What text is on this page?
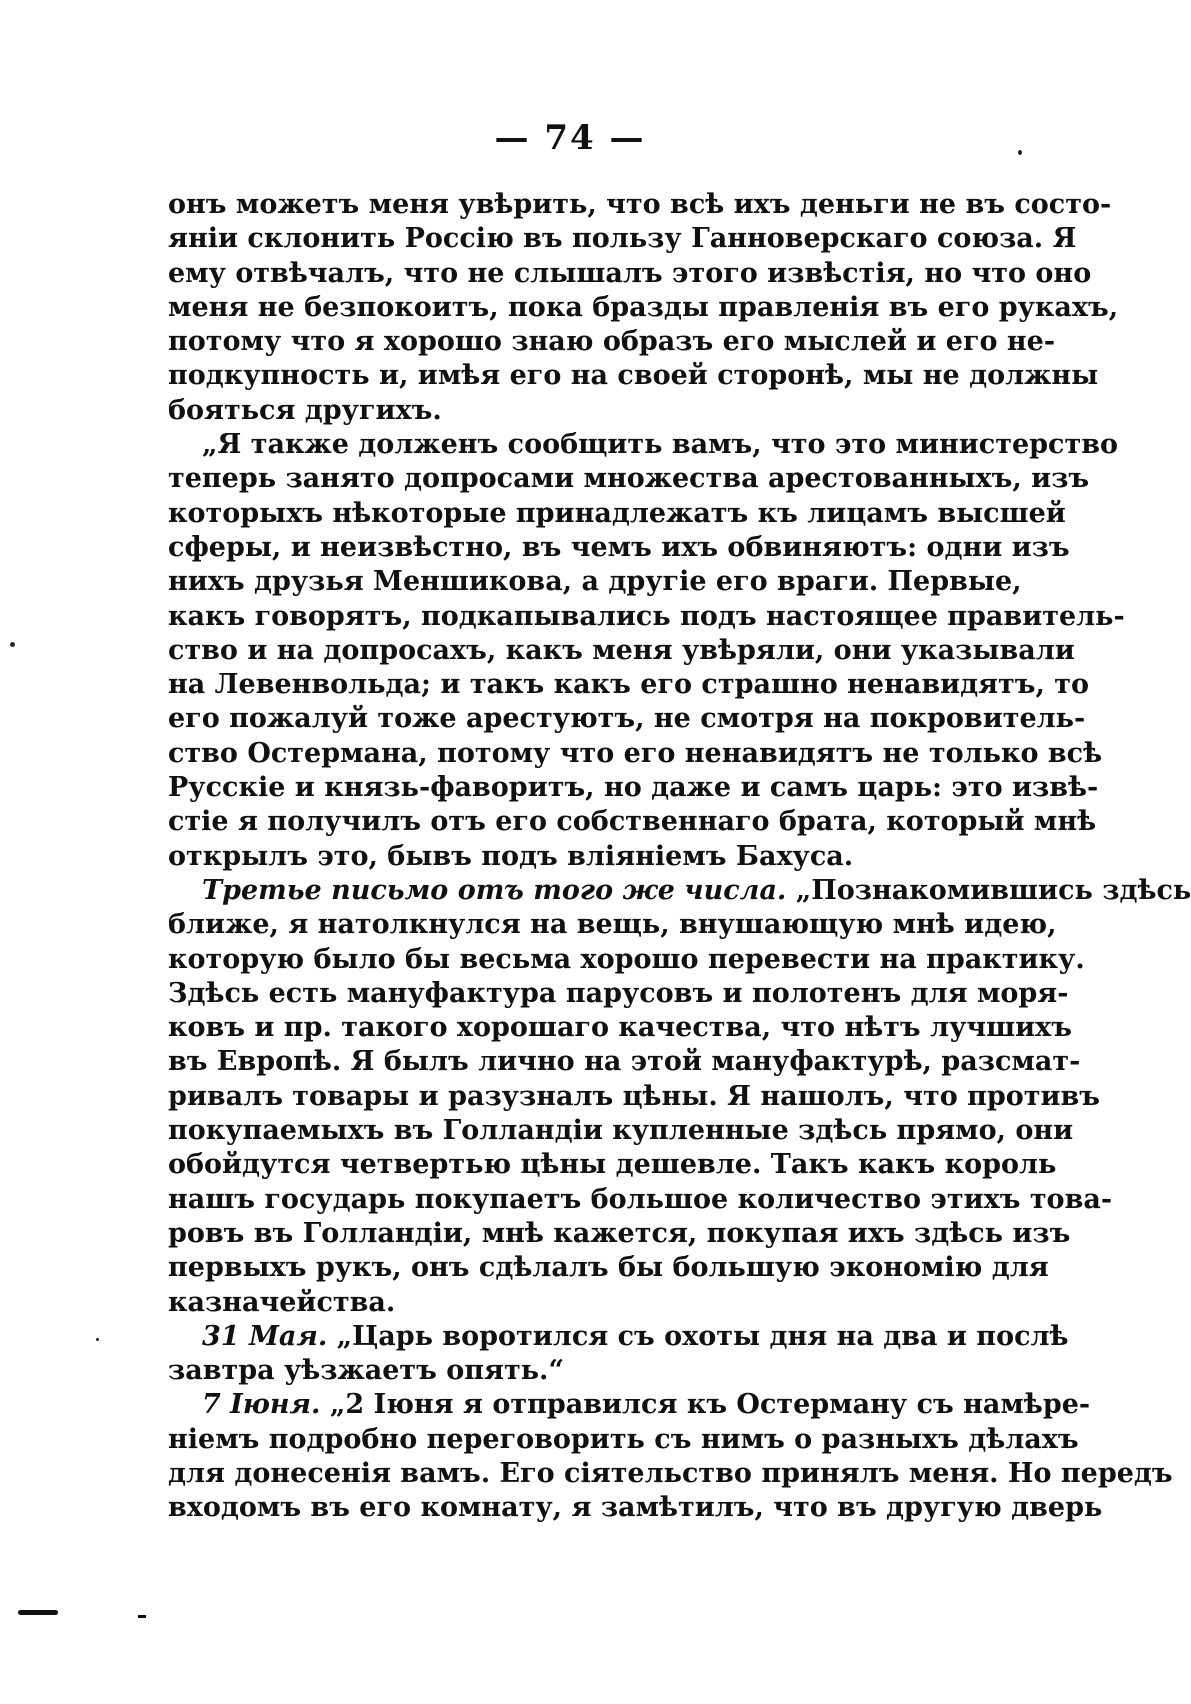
— 74 —
онъ можетъ меня увѣрить, что всѣ ихъ деньги не въ состо-
янiи склонить Россiю въ пользу Ганноверскаго союза. Я
ему отвѣчалъ, что не слышалъ этого извѣстiя, но что оно
меня не безпокоитъ, пока бразды правленiя въ его рукахъ,
потому что я хорошо знаю образъ его мыслей и его не-
подкупность и, имѣя его на своей сторонѣ, мы не должны
бояться другихъ.
„Я также долженъ сообщить вамъ, что это министерство
теперь занято допросами множества арестованныхъ, изъ
которыхъ нѣкоторые принадлежатъ къ лицамъ высшей
сферы, и неизвѣстно, въ чемъ ихъ обвиняютъ: одни изъ
нихъ друзья Меншикова, а другiе его враги. Первые,
какъ говорятъ, подкапывались подъ настоящее правитель-
ство и на допросахъ, какъ меня увѣряли, они указывали
на Левенвольда; и такъ какъ его страшно ненавидятъ, то
его пожалуй тоже арестуютъ, не смотря на покровитель-
ство Остермана, потому что его ненавидятъ не только всѣ
Русскiе и князь-фаворитъ, но даже и самъ царь: это извѣ-
стiе я получилъ отъ его собственнаго брата, который мнѣ
открылъ это, бывъ подъ влiянiемъ Бахуса.
Третье письмо отъ того же числа. „Познакомившись здѣсь
ближе, я натолкнулся на вещь, внушающую мнѣ идею,
которую было бы весьма хорошо перевести на практику.
Здѣсь есть мануфактура парусовъ и полотенъ для моря-
ковъ и пр. такого хорошаго качества, что нѣтъ лучшихъ
въ Европѣ. Я былъ лично на этой мануфактурѣ, разсмат-
ривалъ товары и разузналъ цѣны. Я нашолъ, что противъ
покупаемыхъ въ Голландiи купленные здѣсь прямо, они
обойдутся четвертью цѣны дешевле. Такъ какъ король
нашъ государь покупаетъ большое количество этихъ това-
ровъ въ Голландiи, мнѣ кажется, покупая ихъ здѣсь изъ
первыхъ рукъ, онъ сдѣлалъ бы большую экономiю для
казначейства.
31 Мая. „Царь воротился съ охоты дня на два и послѣ
завтра уѣзжаетъ опять.“
7 Iюня. „2 Iюня я отправился къ Остерману съ намѣре-
нiемъ подробно переговорить съ нимъ о разныхъ дѣлахъ
для донесенiя вамъ. Его сiятельство принялъ меня. Но передъ
входомъ въ его комнату, я замѣтилъ, что въ другую дверь
